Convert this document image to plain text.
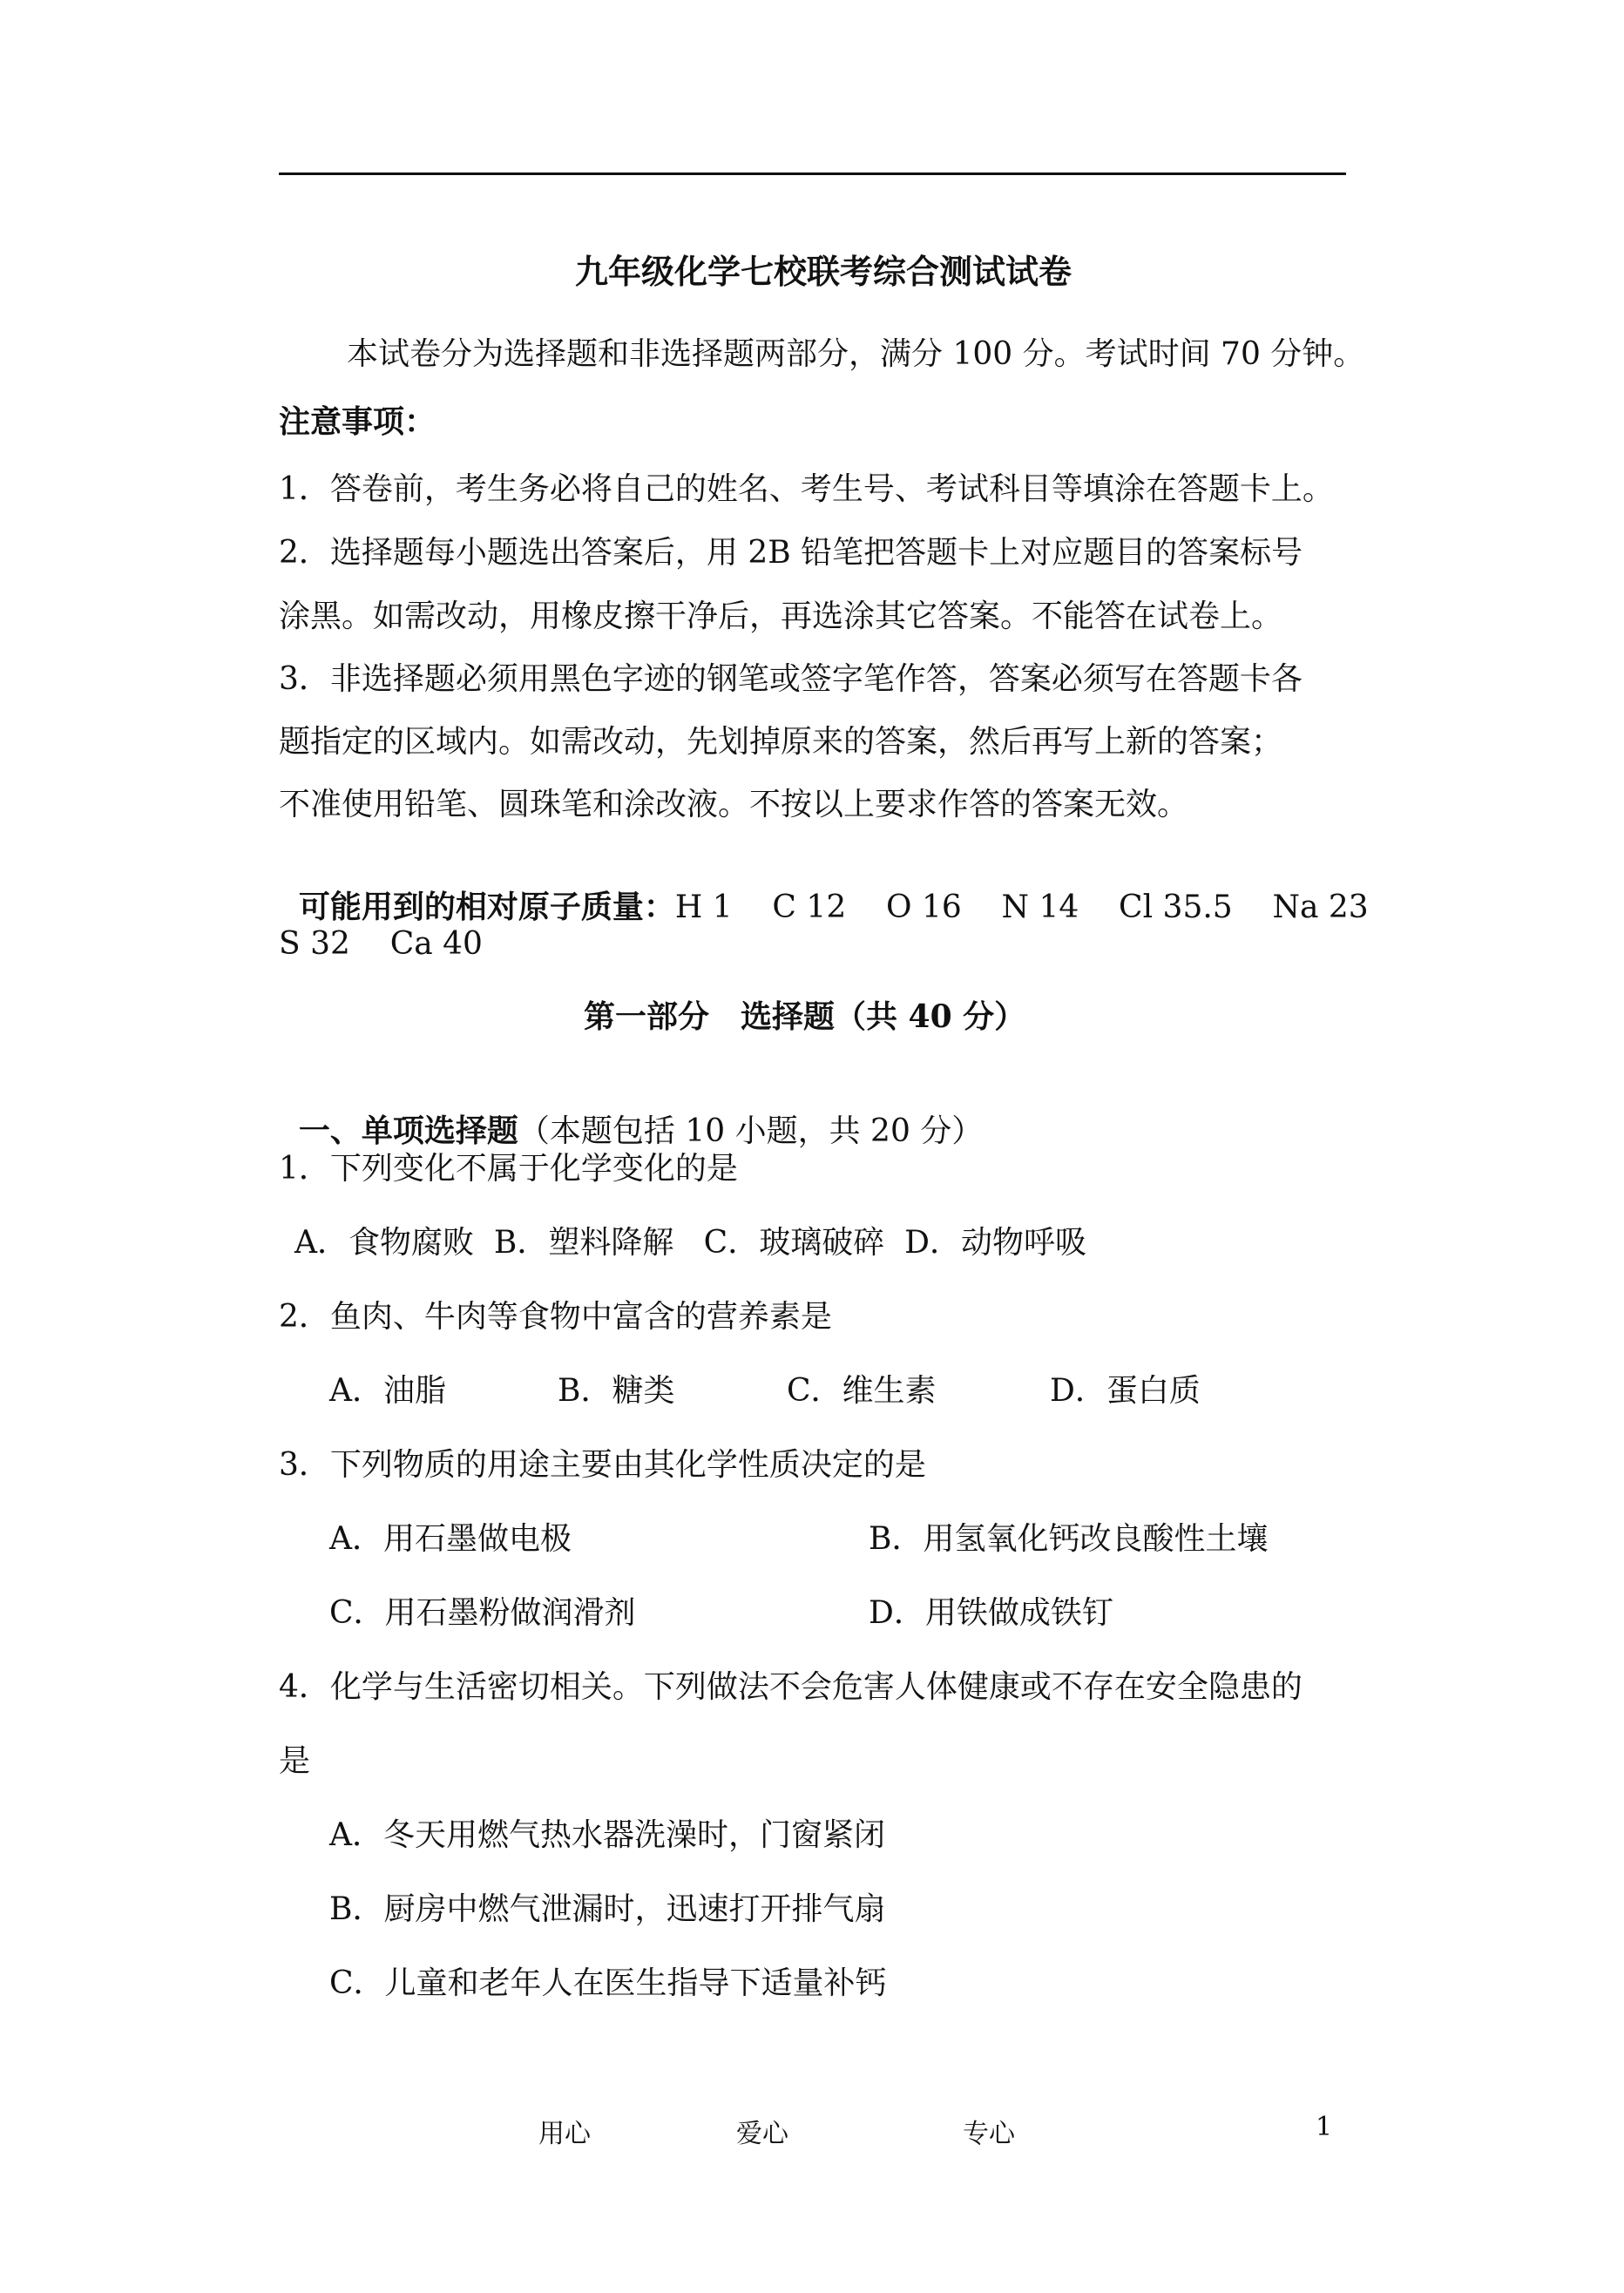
九年级化学七校联考综合测试试卷
本试卷分为选择题和非选择题两部分，满分 100 分。考试时间 70 分钟。
注意事项：
1．答卷前，考生务必将自己的姓名、考生号、考试科目等填涂在答题卡上。
2．选择题每小题选出答案后，用 2B 铅笔把答题卡上对应题目的答案标号
涂黑。如需改动，用橡皮擦干净后，再选涂其它答案。不能答在试卷上。
3．非选择题必须用黑色字迹的钢笔或签字笔作答，答案必须写在答题卡各
题指定的区域内。如需改动，先划掉原来的答案，然后再写上新的答案；
不准使用铅笔、圆珠笔和涂改液。不按以上要求作答的答案无效。

可能用到的相对原子质量：H 1    C 12    O 16    N 14    Cl 35.5    Na 23

S 32    Ca 40
第一部分　选择题（共 40 分）

一、单项选择题（本题包括 10 小题，共 20 分）

1．下列变化不属于化学变化的是
A．食物腐败  B．塑料降解   C．玻璃破碎  D．动物呼吸
2．鱼肉、牛肉等食物中富含的营养素是
A．油脂	B．糖类	C．维生素	D．蛋白质
3．下列物质的用途主要由其化学性质决定的是
A．用石墨做电极	B．用氢氧化钙改良酸性土壤
C．用石墨粉做润滑剂	D．用铁做成铁钉
4．化学与生活密切相关。下列做法不会危害人体健康或不存在安全隐患的
是
A．冬天用燃气热水器洗澡时，门窗紧闭
B．厨房中燃气泄漏时，迅速打开排气扇
C．儿童和老年人在医生指导下适量补钙
用心	爱心	专心	1
